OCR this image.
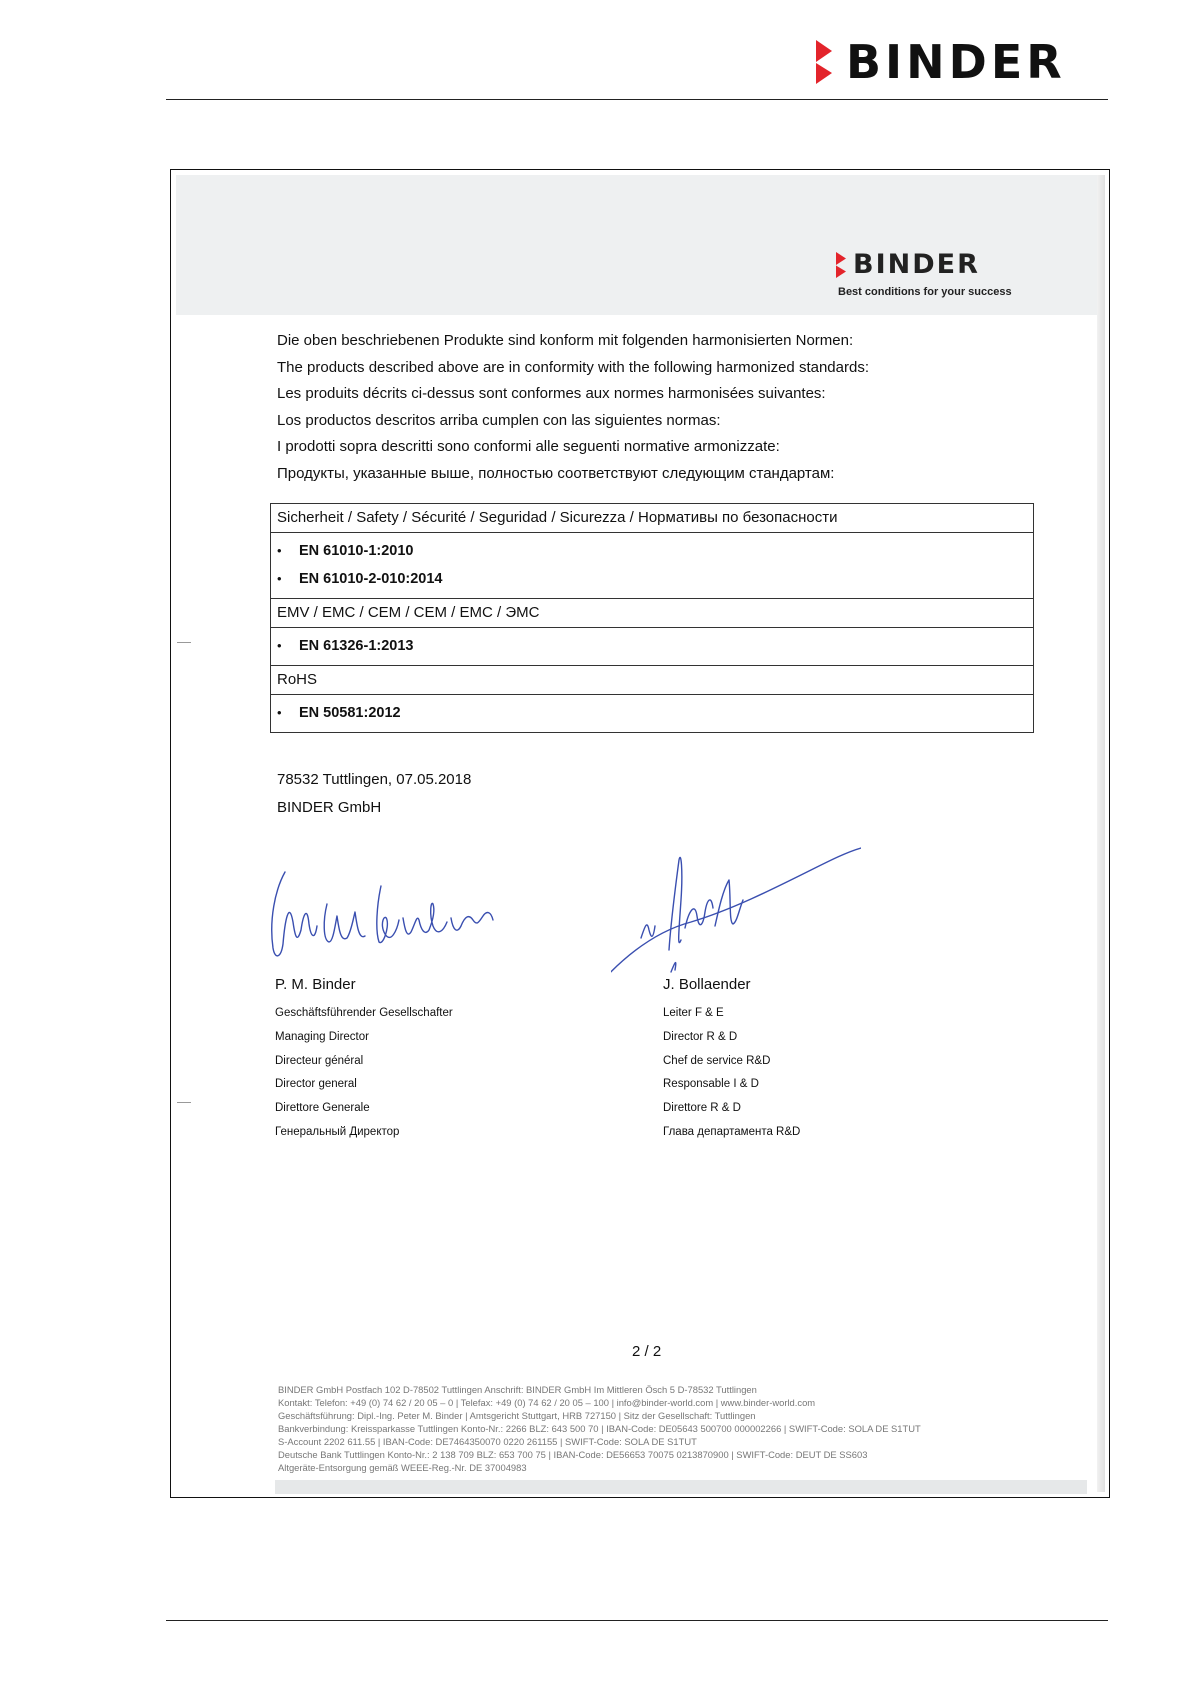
BINDER
BINDER
Best conditions for your success
Die oben beschriebenen Produkte sind konform mit folgenden harmonisierten Normen:
The products described above are in conformity with the following harmonized standards:
Les produits décrits ci-dessus sont conformes aux normes harmonisées suivantes:
Los productos descritos arriba cumplen con las siguientes normas:
I prodotti sopra descritti sono conformi alle seguenti normative armonizzate:
Продукты, указанные выше, полностью соответствуют следующим стандартам:
Sicherheit / Safety / Sécurité / Seguridad / Sicurezza / Нормативы по безопасности
• EN 61010-1:2010
• EN 61010-2-010:2014
EMV / EMC / CEM / CEM / EMC / ЭМС
• EN 61326-1:2013
RoHS
• EN 50581:2012
78532 Tuttlingen, 07.05.2018
BINDER GmbH
P. M. Binder
Geschäftsführender Gesellschafter
Managing Director
Directeur général
Director general
Direttore Generale
Генеральный Директор
J. Bollaender
Leiter F & E
Director R & D
Chef de service R&D
Responsable I & D
Direttore R & D
Глава департамента R&D
2 / 2
BINDER GmbH Postfach 102 D-78502 Tuttlingen Anschrift: BINDER GmbH Im Mittleren Ösch 5 D-78532 Tuttlingen
Kontakt: Telefon: +49 (0) 74 62 / 20 05 – 0 | Telefax: +49 (0) 74 62 / 20 05 – 100 | info@binder-world.com | www.binder-world.com
Geschäftsführung: Dipl.-Ing. Peter M. Binder | Amtsgericht Stuttgart, HRB 727150 | Sitz der Gesellschaft: Tuttlingen
Bankverbindung: Kreissparkasse Tuttlingen Konto-Nr.: 2266 BLZ: 643 500 70 | IBAN-Code: DE05643 500700 000002266 | SWIFT-Code: SOLA DE S1TUT
S-Account 2202 611.55 | IBAN-Code: DE7464350070 0220 261155 | SWIFT-Code: SOLA DE S1TUT
Deutsche Bank Tuttlingen Konto-Nr.: 2 138 709 BLZ: 653 700 75 | IBAN-Code: DE56653 70075 0213870900 | SWIFT-Code: DEUT DE SS603
Altgeräte-Entsorgung gemäß WEEE-Reg.-Nr. DE 37004983
